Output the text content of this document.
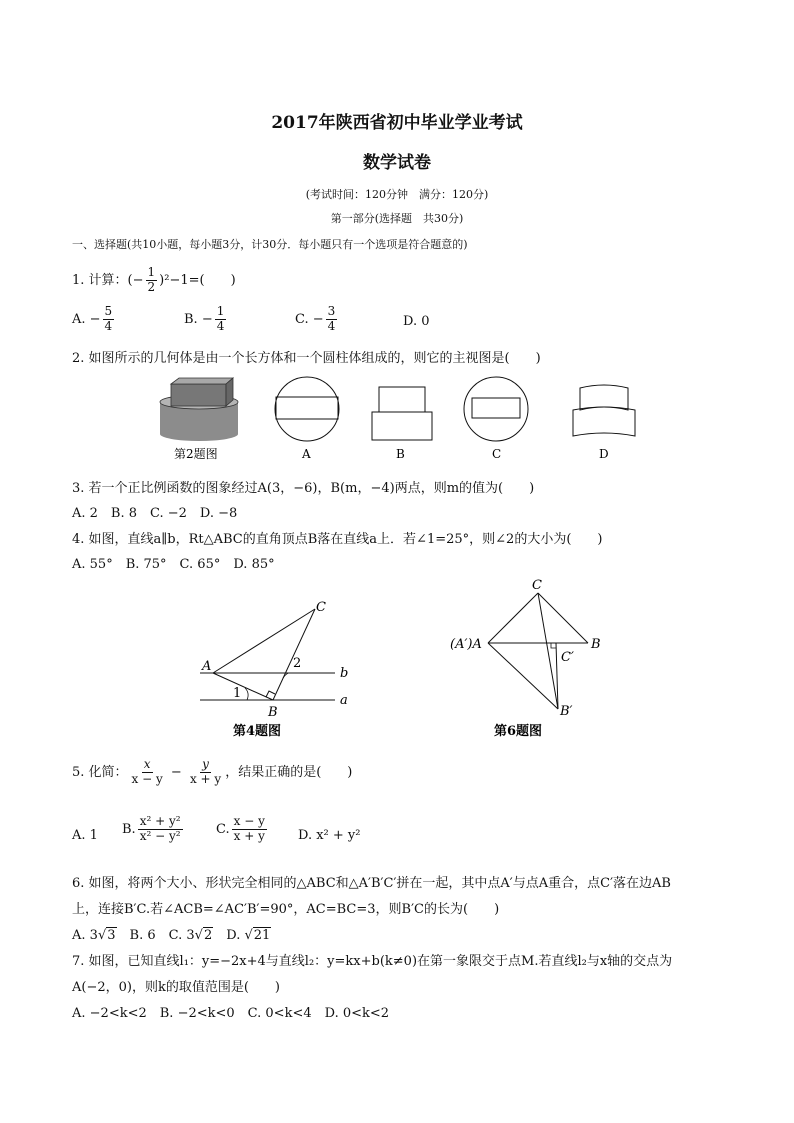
2017年陕西省初中毕业学业考试
数学试卷
(考试时间：120分钟　满分：120分)
第一部分(选择题　共30分)
一、选择题(共10小题，每小题3分，计30分．每小题只有一个选项是符合题意的)
1. 计算：(− $\frac{1}{2} )^2-1=$(　　)
A. − $\frac{5}{4}$	B. − $\frac{1}{4}$	C. − $\frac{3}{4}$	D. 0
2. 如图所示的几何体是由一个长方体和一个圆柱体组成的，则它的主视图是(　　)
第2题图	A	B	C	D
3. 若一个正比例函数的图象经过A(3，−6)，B(m，−4)两点，则m的值为(　　)
A. 2　B. 8　C. −2　D. −8
4. 如图，直线a∥b，Rt△ABC的直角顶点B落在直线a上．若∠1=25°，则∠2的大小为(　　)
A. 55°　B. 75°　C. 65°　D. 85°
C
A	2
b
1	a
B
第4题图
C
(A′)A	B
C′
B′
第6题图
5. 化简： $\frac{x}{x - y} - \frac{y}{x + y}$ ，结果正确的是(　　)
A. 1 B. $\frac{\text{x² + y²}}{\text{x² − y²}}$	C. $\frac{x - y}{x + y} D$. x² + y²
6. 如图，将两个大小、形状完全相同的△ABC和△A′B′C′拼在一起，其中点A′与点A重合，点C′落在边AB
上，连接B′C.若∠ACB=∠AC′B′=90°，AC=BC=3，则B′C的长为(　　)
A. 3√3　 B. 6　 C. 3√2　 D. √21
7. 如图，已知直线l₁：y=−2x+4与直线l₂：y=kx+b(k≠0)在第一象限交于点M.若直线l₂与x轴的交点为
A(−2，0)，则k的取值范围是(　　)
A. −2<k<2　B. −2<k<0　C. 0<k<4　D. 0<k<2
